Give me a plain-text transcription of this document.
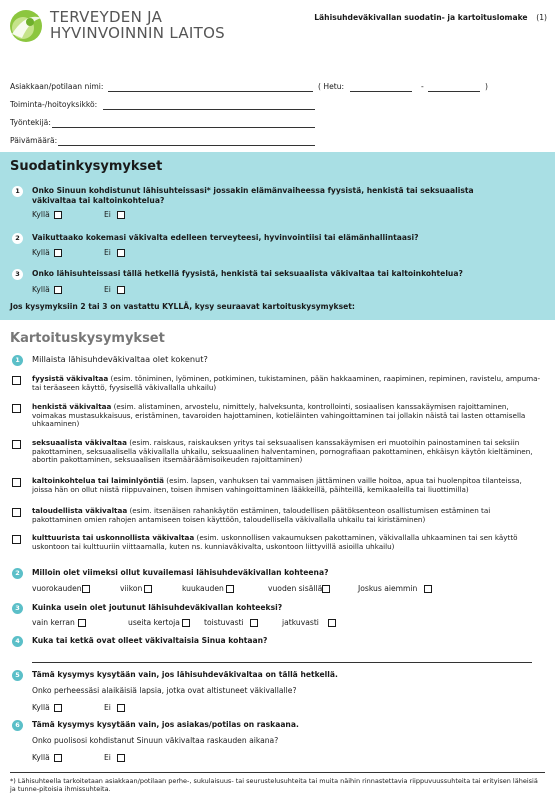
TERVEYDEN JA
HYVINVOINNIN LAITOS
Lähisuhdeväkivallan suodatin- ja kartoituslomake (1)
Asiakkaan/potilaan nimi:	( Hetu:	-	)
Toiminta-/hoitoyksikkö:
Työntekijä:
Päivämäärä:
Suodatinkysymykset
1	Onko Sinuun kohdistunut lähisuhteissasi* jossakin elämänvaiheessa fyysistä, henkistä tai seksuaalista väkivaltaa tai kaltoinkohtelua?
Kyllä	Ei
2	Vaikuttaako kokemasi väkivalta edelleen terveyteesi, hyvinvointiisi tai elämänhallintaasi?
Kyllä	Ei
3	Onko lähisuhteissasi tällä hetkellä fyysistä, henkistä tai seksuaalista väkivaltaa tai kaltoinkohtelua?
Kyllä	Ei
Jos kysymyksiin 2 tai 3 on vastattu KYLLÄ, kysy seuraavat kartoituskysymykset:
Kartoituskysymykset
1	Millaista lähisuhdeväkivaltaa olet kokenut?
fyysistä väkivaltaa (esim. töniminen, lyöminen, potkiminen, tukistaminen, pään hakkaaminen, raapiminen, repiminen, ravistelu, ampuma- tai teräaseen käyttö, fyysisellä väkivallalla uhkailu)
henkistä väkivaltaa (esim. alistaminen, arvostelu, nimittely, halveksunta, kontrollointi, sosiaalisen kanssakäymisen rajoittaminen, voimakas mustasukkaisuus, eristäminen, tavaroiden hajottaminen, kotieläinten vahingoittaminen tai jollakin näistä tai lasten ottamisella uhkaaminen)
seksuaalista väkivaltaa (esim. raiskaus, raiskauksen yritys tai seksuaalisen kanssakäymisen eri muotoihin painostaminen tai seksiin pakottaminen, seksuaalisella väkivallalla uhkailu, seksuaalinen halventaminen, pornografiaan pakottaminen, ehkäisyn käytön kieltäminen, abortin pakottaminen, seksuaalisen itsemääräämisoikeuden rajoittaminen)
kaltoinkohtelua tai laiminlyöntiä (esim. lapsen, vanhuksen tai vammaisen jättäminen vaille hoitoa, apua tai huolenpitoa tilanteissa, joissa hän on ollut niistä riippuvainen, toisen ihmisen vahingoittaminen lääkkeillä, päihteillä, kemikaaleilla tai liuottimilla)
taloudellista väkivaltaa (esim. itsenäisen rahankäytön estäminen, taloudellisen päätöksenteon osallistumisen estäminen tai pakottaminen omien rahojen antamiseen toisen käyttöön, taloudellisella väkivallalla uhkailu tai kiristäminen)
kulttuurista tai uskonnollista väkivaltaa (esim. uskonnollisen vakaumuksen pakottaminen, väkivallalla uhkaaminen tai sen käyttö uskontoon tai kulttuuriin viittaamalla, kuten ns. kunniaväkivalta, uskontoon liittyvillä asioilla uhkailu)
2	Milloin olet viimeksi ollut kuvailemasi lähisuhdeväkivallan kohteena?
vuorokauden	viikon	kuukauden	vuoden sisällä	Joskus aiemmin
3	Kuinka usein olet joutunut lähisuhdeväkivallan kohteeksi?
vain kerran	useita kertoja	toistuvasti	jatkuvasti
4	Kuka tai ketkä ovat olleet väkivaltaisia Sinua kohtaan?
5	Tämä kysymys kysytään vain, jos lähisuhdeväkivaltaa on tällä hetkellä.
Onko perheessäsi alaikäisiä lapsia, jotka ovat altistuneet väkivallalle?
Kyllä	Ei
6	Tämä kysymys kysytään vain, jos asiakas/potilas on raskaana.
Onko puolisosi kohdistanut Sinuun väkivaltaa raskauden aikana?
Kyllä	Ei
*) Lähisuhteella tarkoitetaan asiakkaan/potilaan perhe-, sukulaisuus- tai seurustelusuhteita tai muita näihin rinnastettavia riippuvuussuhteita tai erityisen läheisiä ja tunne-pitoisia ihmissuhteita.
